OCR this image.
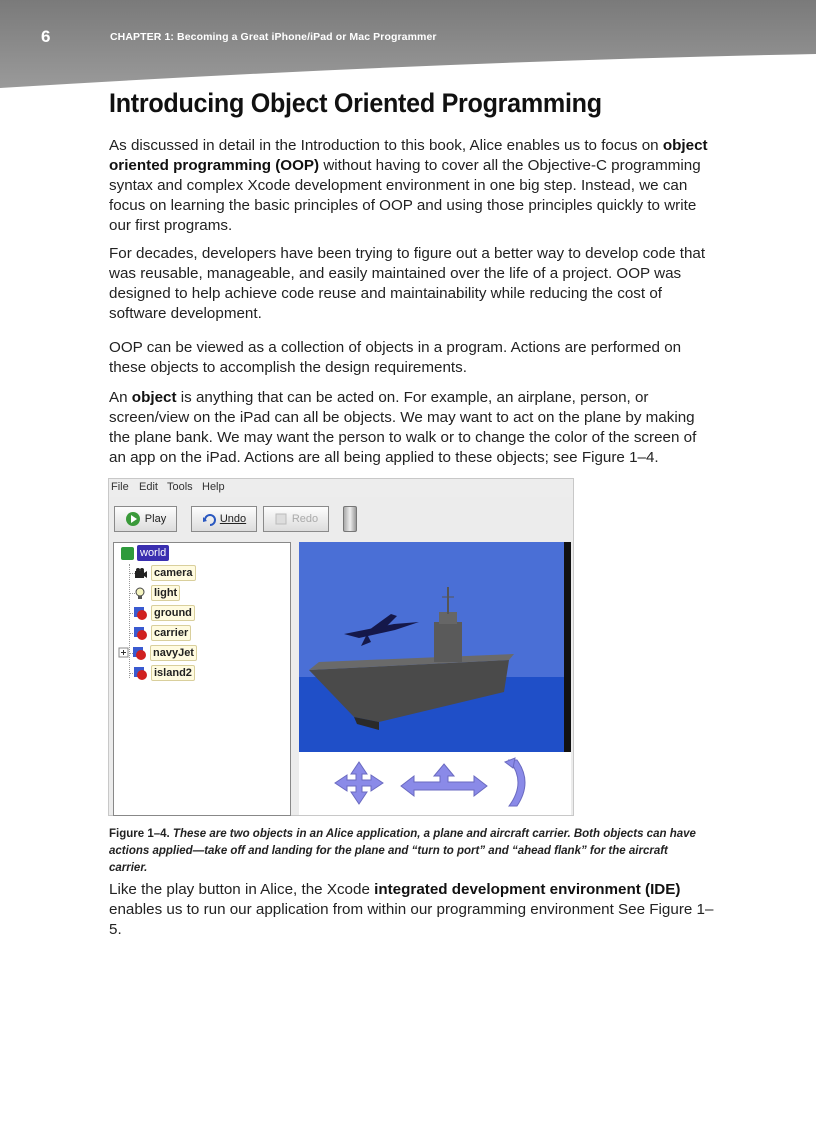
6	CHAPTER 1: Becoming a Great iPhone/iPad or Mac Programmer
Introducing Object Oriented Programming

As discussed in detail in the Introduction to this book, Alice enables us to focus on object oriented programming (OOP) without having to cover all the Objective-C programming syntax and complex Xcode development environment in one big step. Instead, we can focus on learning the basic principles of OOP and using those principles quickly to write our first programs.

For decades, developers have been trying to figure out a better way to develop code that was reusable, manageable, and easily maintained over the life of a project. OOP was designed to help achieve code reuse and maintainability while reducing the cost of software development.

OOP can be viewed as a collection of objects in a program. Actions are performed on these objects to accomplish the design requirements.

An object is anything that can be acted on. For example, an airplane, person, or screen/view on the iPad can all be objects. We may want to act on the plane by making the plane bank. We may want the person to walk or to change the color of the screen of an app on the iPad. Actions are all being applied to these objects; see Figure 1–4.

File Edit Tools Help
Play	Undo	Redo
world
camera
light
ground
carrier
navyJet
island2
Figure 1–4. These are two objects in an Alice application, a plane and aircraft carrier. Both objects can have actions applied—take off and landing for the plane and “turn to port” and “ahead flank” for the aircraft carrier.

Like the play button in Alice, the Xcode integrated development environment (IDE) enables us to run our application from within our programming environment See Figure 1–5.
